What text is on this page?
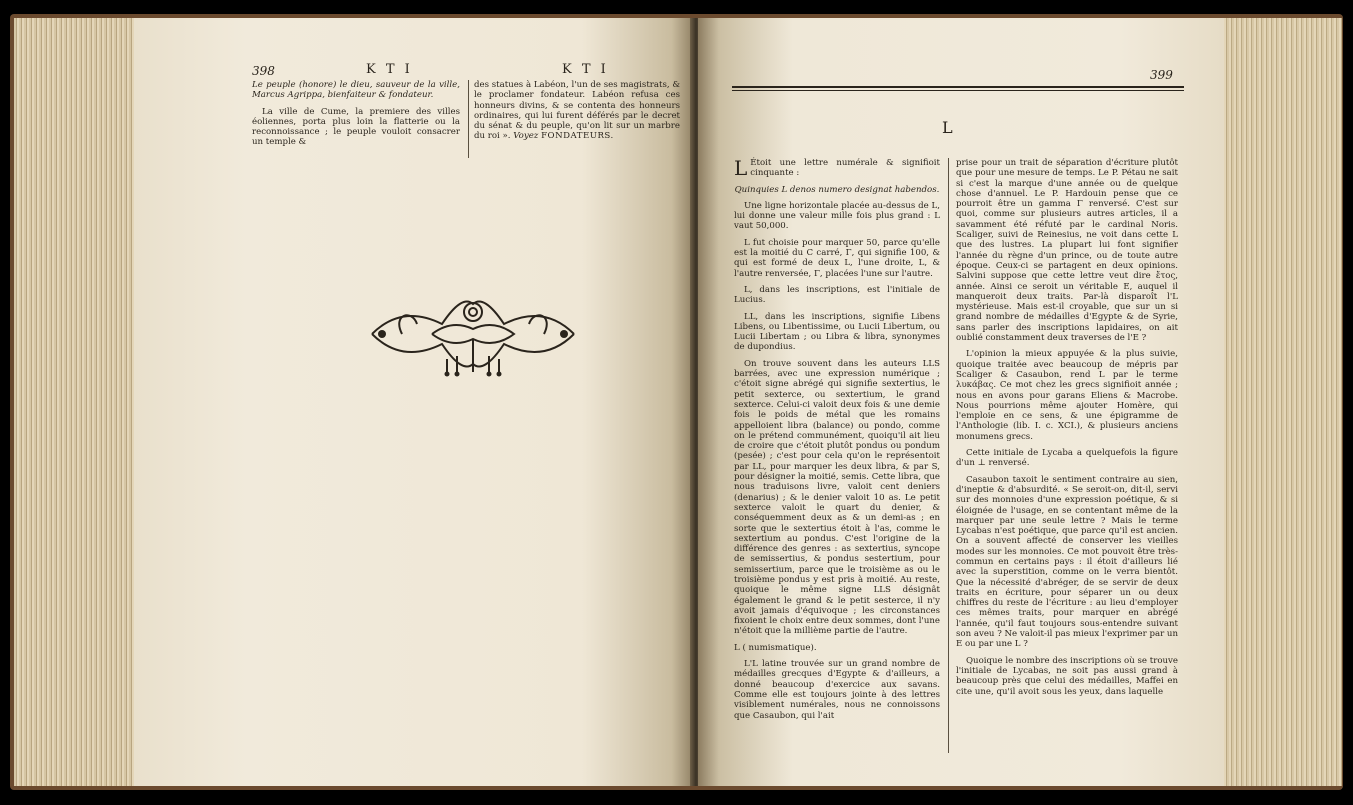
398	K T I	K T I

Le peuple (honore) le dieu, sauveur de la ville, Marcus Agrippa, bienfaiteur & fondateur.

La ville de Cume, la premiere des villes éoliennes, porta plus loin la flatterie ou la reconnoissance ; le peuple vouloit consacrer un temple &

des statues à Labéon, l'un de ses magistrats, & le proclamer fondateur. Labéon refusa ces honneurs divins, & se contenta des honneurs ordinaires, qui lui furent déférés par le decret du sénat & du peuple, qu'on lit sur un marbre du roi ». Voyez FONDATEURS.

399
L

L Étoit une lettre numérale & signifioit cinquante :

Quinquies L denos numero designat habendos.

Une ligne horizontale placée au-dessus de L, lui donne une valeur mille fois plus grand : L vaut 50,000.

L fut choisie pour marquer 50, parce qu'elle est la moitié du C carré, Γ, qui signifie 100, & qui est formé de deux L, l'une droite, L, & l'autre renversée, Γ, placées l'une sur l'autre.

L, dans les inscriptions, est l'initiale de Lucius.

LL, dans les inscriptions, signifie Libens Libens, ou Libentissime, ou Lucii Libertum, ou Lucii Libertam ; ou Libra & libra, synonymes de dupondius.

On trouve souvent dans les auteurs LLS barrées, avec une expression numérique ; c'étoit signe abrégé qui signifie sextertius, le petit sexterce, ou sextertium, le grand sexterce. Celui-ci valoit deux fois & une demie fois le poids de métal que les romains appelloient libra (balance) ou pondo, comme on le prétend communément, quoiqu'il ait lieu de croire que c'étoit plutôt pondus ou pondum (pesée) ; c'est pour cela qu'on le représentoit par LL, pour marquer les deux libra, & par S, pour désigner la moitié, semis. Cette libra, que nous traduisons livre, valoit cent deniers (denarius) ; & le denier valoit 10 as. Le petit sexterce valoit le quart du denier, & conséquemment deux as & un demi-as ; en sorte que le sextertius étoit à l'as, comme le sextertium au pondus. C'est l'origine de la différence des genres : as sextertius, syncope de semissertius, & pondus sestertium, pour semissertium, parce que le troisième as ou le troisième pondus y est pris à moitié. Au reste, quoique le même signe LLS désignât également le grand & le petit sesterce, il n'y avoit jamais d'équivoque ; les circonstances fixoient le choix entre deux sommes, dont l'une n'étoit que la millième partie de l'autre.

L ( numismatique).

L'L latine trouvée sur un grand nombre de médailles grecques d'Egypte & d'ailleurs, a donné beaucoup d'exercice aux savans. Comme elle est toujours jointe à des lettres visiblement numérales, nous ne connoissons que Casaubon, qui l'ait

prise pour un trait de séparation d'écriture plutôt que pour une mesure de temps. Le P. Pétau ne sait si c'est la marque d'une année ou de quelque chose d'annuel. Le P. Hardouin pense que ce pourroit être un gamma Γ renversé. C'est sur quoi, comme sur plusieurs autres articles, il a savamment été réfuté par le cardinal Noris. Scaliger, suivi de Reinesius, ne voit dans cette L que des lustres. La plupart lui font signifier l'année du règne d'un prince, ou de toute autre époque. Ceux-ci se partagent en deux opinions. Salvini suppose que cette lettre veut dire ἔτος, année. Ainsi ce seroit un véritable E, auquel il manqueroit deux traits. Par-là disparoît l'L mystérieuse. Mais est-il croyable, que sur un si grand nombre de médailles d'Egypte & de Syrie, sans parler des inscriptions lapidaires, on ait oublié constamment deux traverses de l'E ?

L'opinion la mieux appuyée & la plus suivie, quoique traitée avec beaucoup de mépris par Scaliger & Casaubon, rend L par le terme λυκάβας. Ce mot chez les grecs signifioit année ; nous en avons pour garans Eliens & Macrobe. Nous pourrions même ajouter Homère, qui l'emploie en ce sens, & une épigramme de l'Anthologie (lib. I. c. XCI.), & plusieurs anciens monumens grecs.

Cette initiale de Lycaba a quelquefois la figure d'un ⊥ renversé.

Casaubon taxoit le sentiment contraire au sien, d'ineptie & d'absurdité. « Se seroit-on, dit-il, servi sur des monnoies d'une expression poétique, & si éloignée de l'usage, en se contentant même de la marquer par une seule lettre ? Mais le terme Lycabas n'est poétique, que parce qu'il est ancien. On a souvent affecté de conserver les vieilles modes sur les monnoies. Ce mot pouvoit être très-commun en certains pays : il étoit d'ailleurs lié avec la superstition, comme on le verra bientôt. Que la nécessité d'abréger, de se servir de deux traits en écriture, pour séparer un ou deux chiffres du reste de l'écriture : au lieu d'employer ces mêmes traits, pour marquer en abrégé l'année, qu'il faut toujours sous-entendre suivant son aveu ? Ne valoit-il pas mieux l'exprimer par un E ou par une L ?

Quoique le nombre des inscriptions où se trouve l'initiale de Lycabas, ne soit pas aussi grand à beaucoup près que celui des médailles, Maffei en cite une, qu'il avoit sous les yeux, dans laquelle
